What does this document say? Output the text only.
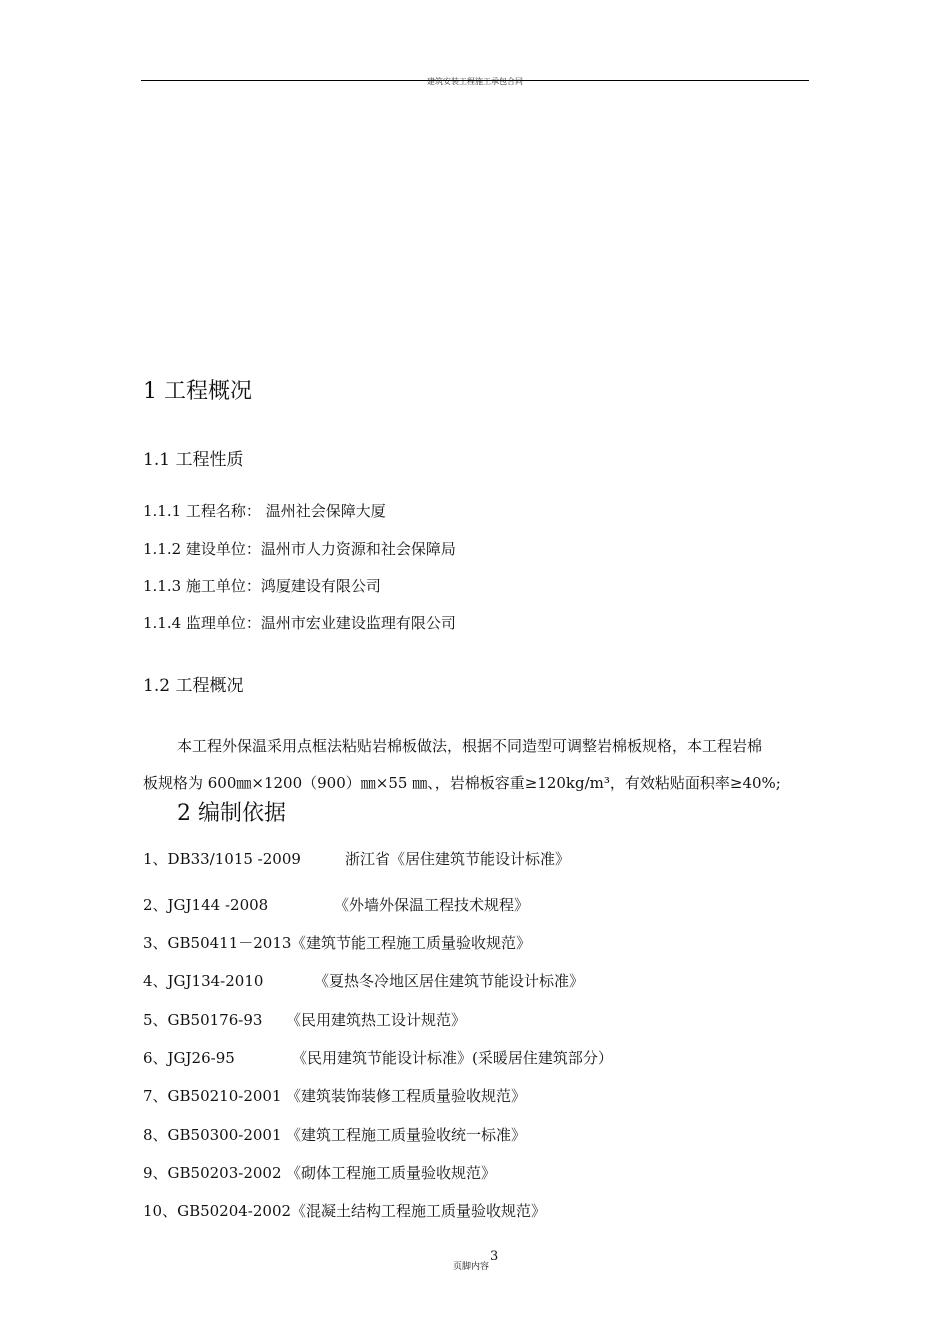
建筑安装工程施工承包合同
1 工程概况
1.1 工程性质
1.1.1 工程名称： 温州社会保障大厦
1.1.2 建设单位：温州市人力资源和社会保障局
1.1.3 施工单位：鸿厦建设有限公司
1.1.4 监理单位：温州市宏业建设监理有限公司
1.2 工程概况
本工程外保温采用点框法粘贴岩棉板做法，根据不同造型可调整岩棉板规格，本工程岩棉
板规格为 600㎜×1200（900）㎜×55 ㎜、，岩棉板容重≥120kg/m³，有效粘贴面积率≥40%;
2 编制依据
1、DB33/1015 -2009	浙江省《居住建筑节能设计标准》
2、JGJ144 -2008	《外墙外保温工程技术规程》
3、GB50411－2013 《建筑节能工程施工质量验收规范》
4、JGJ134-2010	《夏热冬冷地区居住建筑节能设计标准》
5、GB50176-93 《民用建筑热工设计规范》
6、JGJ26-95	《民用建筑节能设计标准》(采暖居住建筑部分）
7、GB50210-2001 《建筑装饰装修工程质量验收规范》
8、GB50300-2001 《建筑工程施工质量验收统一标准》
9、GB50203-2002 《砌体工程施工质量验收规范》
10、GB50204-2002 《混凝土结构工程施工质量验收规范》
页脚内容
3
